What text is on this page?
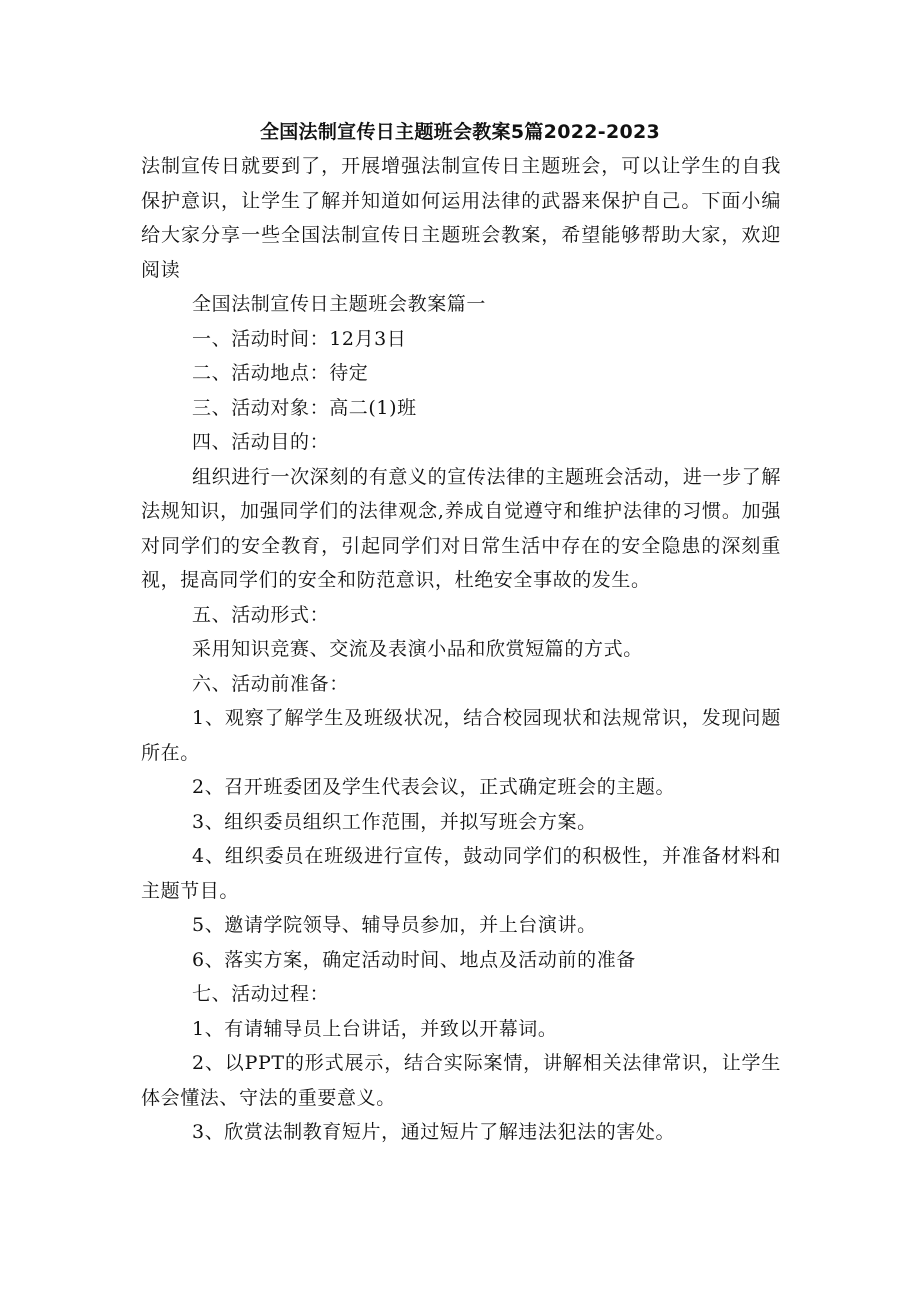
全国法制宣传日主题班会教案5篇2022-2023

法制宣传日就要到了，开展增强法制宣传日主题班会，可以让学生的自我保护意识，让学生了解并知道如何运用法律的武器来保护自己。下面小编给大家分享一些全国法制宣传日主题班会教案，希望能够帮助大家，欢迎阅读

全国法制宣传日主题班会教案篇一

一、活动时间：12月3日

二、活动地点：待定

三、活动对象：高二(1)班

四、活动目的：

组织进行一次深刻的有意义的宣传法律的主题班会活动，进一步了解法规知识，加强同学们的法律观念,养成自觉遵守和维护法律的习惯。加强对同学们的安全教育，引起同学们对日常生活中存在的安全隐患的深刻重视，提高同学们的安全和防范意识，杜绝安全事故的发生。

五、活动形式：

采用知识竞赛、交流及表演小品和欣赏短篇的方式。

六、活动前准备：

1、观察了解学生及班级状况，结合校园现状和法规常识，发现问题所在。

2、召开班委团及学生代表会议，正式确定班会的主题。

3、组织委员组织工作范围，并拟写班会方案。

4、组织委员在班级进行宣传，鼓动同学们的积极性，并准备材料和主题节目。

5、邀请学院领导、辅导员参加，并上台演讲。

6、落实方案，确定活动时间、地点及活动前的准备

七、活动过程：

1、有请辅导员上台讲话，并致以开幕词。

2、以PPT的形式展示，结合实际案情，讲解相关法律常识，让学生体会懂法、守法的重要意义。

3、欣赏法制教育短片，通过短片了解违法犯法的害处。
